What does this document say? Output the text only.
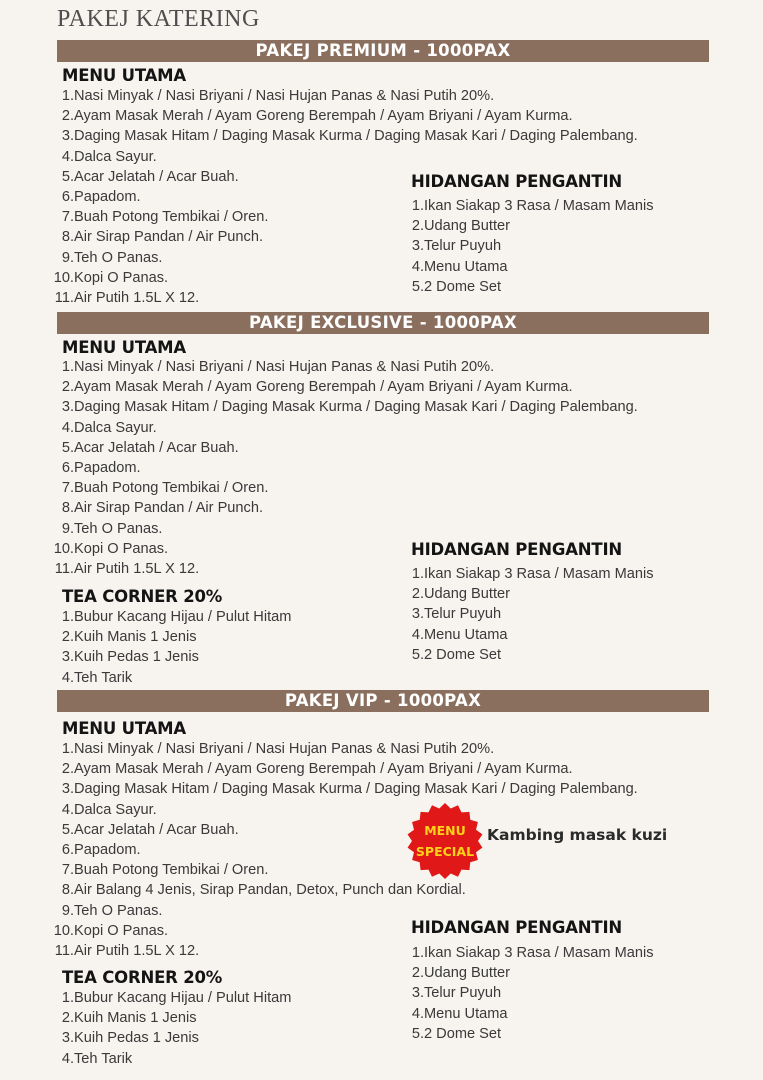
PAKEJ KATERING
PAKEJ PREMIUM - 1000PAX
MENU UTAMA
1. Nasi Minyak / Nasi Briyani / Nasi Hujan Panas & Nasi Putih 20%.
2. Ayam Masak Merah / Ayam Goreng Berempah / Ayam Briyani / Ayam Kurma.
3. Daging Masak Hitam / Daging Masak Kurma / Daging Masak Kari / Daging Palembang.
4. Dalca Sayur.
5. Acar Jelatah / Acar Buah.
6. Papadom.
7. Buah Potong Tembikai / Oren.
8. Air Sirap Pandan / Air Punch.
9. Teh O Panas.
10. Kopi O Panas.
11. Air Putih 1.5L X 12.
HIDANGAN PENGANTIN
1. Ikan Siakap 3 Rasa / Masam Manis
2. Udang Butter
3. Telur Puyuh
4. Menu Utama
5. 2 Dome Set
PAKEJ EXCLUSIVE - 1000PAX
MENU UTAMA
1. Nasi Minyak / Nasi Briyani / Nasi Hujan Panas & Nasi Putih 20%.
2. Ayam Masak Merah / Ayam Goreng Berempah / Ayam Briyani / Ayam Kurma.
3. Daging Masak Hitam / Daging Masak Kurma / Daging Masak Kari / Daging Palembang.
4. Dalca Sayur.
5. Acar Jelatah / Acar Buah.
6. Papadom.
7. Buah Potong Tembikai / Oren.
8. Air Sirap Pandan / Air Punch.
9. Teh O Panas.
10. Kopi O Panas.
11. Air Putih 1.5L X 12.
TEA CORNER 20%
1. Bubur Kacang Hijau / Pulut Hitam
2. Kuih Manis 1 Jenis
3. Kuih Pedas 1 Jenis
4. Teh Tarik
HIDANGAN PENGANTIN
1. Ikan Siakap 3 Rasa / Masam Manis
2. Udang Butter
3. Telur Puyuh
4. Menu Utama
5. 2 Dome Set
PAKEJ VIP - 1000PAX
MENU UTAMA
1. Nasi Minyak / Nasi Briyani / Nasi Hujan Panas & Nasi Putih 20%.
2. Ayam Masak Merah / Ayam Goreng Berempah / Ayam Briyani / Ayam Kurma.
3. Daging Masak Hitam / Daging Masak Kurma / Daging Masak Kari / Daging Palembang.
4. Dalca Sayur.
5. Acar Jelatah / Acar Buah.
6. Papadom.
7. Buah Potong Tembikai / Oren.
8. Air Balang 4 Jenis, Sirap Pandan, Detox, Punch dan Kordial.
9. Teh O Panas.
10. Kopi O Panas.
11. Air Putih 1.5L X 12.
TEA CORNER 20%
1. Bubur Kacang Hijau / Pulut Hitam
2. Kuih Manis 1 Jenis
3. Kuih Pedas 1 Jenis
4. Teh Tarik
HIDANGAN PENGANTIN
1. Ikan Siakap 3 Rasa / Masam Manis
2. Udang Butter
3. Telur Puyuh
4. Menu Utama
5. 2 Dome Set
MENU
SPECIAL
Kambing masak kuzi
